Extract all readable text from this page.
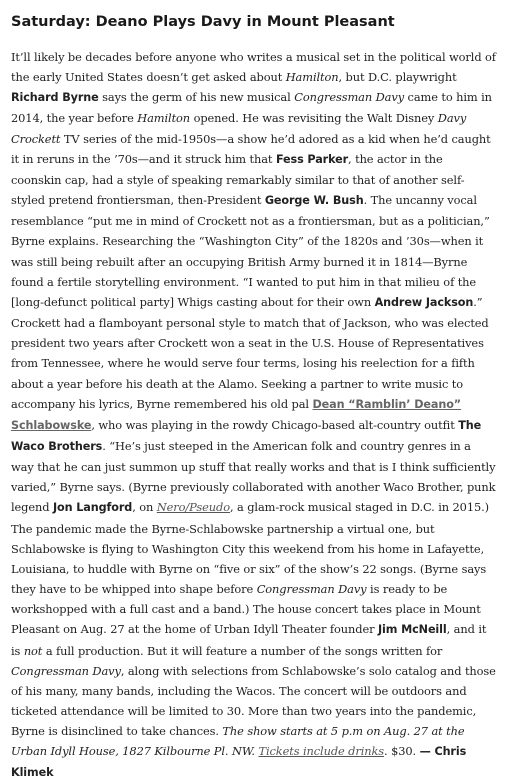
Saturday: Deano Plays Davy in Mount Pleasant

It’ll likely be decades before anyone who writes a musical set in the political world of the early United States doesn’t get asked about Hamilton, but D.C. playwright Richard Byrne says the germ of his new musical Congressman Davy came to him in 2014, the year before Hamilton opened. He was revisiting the Walt Disney Davy Crockett TV series of the mid-1950s—a show he’d adored as a kid when he’d caught it in reruns in the ’70s—and it struck him that Fess Parker, the actor in the coonskin cap, had a style of speaking remarkably similar to that of another self-styled pretend frontiersman, then-President George W. Bush. The uncanny vocal resemblance “put me in mind of Crockett not as a frontiersman, but as a politician,” Byrne explains. Researching the “Washington City” of the 1820s and ’30s—when it was still being rebuilt after an occupying British Army burned it in 1814—Byrne found a fertile storytelling environment. “I wanted to put him in that milieu of the [long-defunct political party] Whigs casting about for their own Andrew Jackson.” Crockett had a flamboyant personal style to match that of Jackson, who was elected president two years after Crockett won a seat in the U.S. House of Representatives from Tennessee, where he would serve four terms, losing his reelection for a fifth about a year before his death at the Alamo. Seeking a partner to write music to accompany his lyrics, Byrne remembered his old pal Dean “Ramblin’ Deano” Schlabowske, who was playing in the rowdy Chicago-based alt-country outfit The Waco Brothers. “He’s just steeped in the American folk and country genres in a way that he can just summon up stuff that really works and that is I think sufficiently varied,” Byrne says. (Byrne previously collaborated with another Waco Brother, punk legend Jon Langford, on Nero/Pseudo, a glam-rock musical staged in D.C. in 2015.) The pandemic made the Byrne-Schlabowske partnership a virtual one, but Schlabowske is flying to Washington City this weekend from his home in Lafayette, Louisiana, to huddle with Byrne on “five or six” of the show’s 22 songs. (Byrne says they have to be whipped into shape before Congressman Davy is ready to be workshopped with a full cast and a band.) The house concert takes place in Mount Pleasant on Aug. 27 at the home of Urban Idyll Theater founder Jim McNeill, and it is not a full production. But it will feature a number of the songs written for Congressman Davy, along with selections from Schlabowske’s solo catalog and those of his many, many bands, including the Wacos. The concert will be outdoors and ticketed attendance will be limited to 30. More than two years into the pandemic, Byrne is disinclined to take chances. The show starts at 5 p.m on Aug. 27 at the Urban Idyll House, 1827 Kilbourne Pl. NW. Tickets include drinks. $30. — Chris Klimek
